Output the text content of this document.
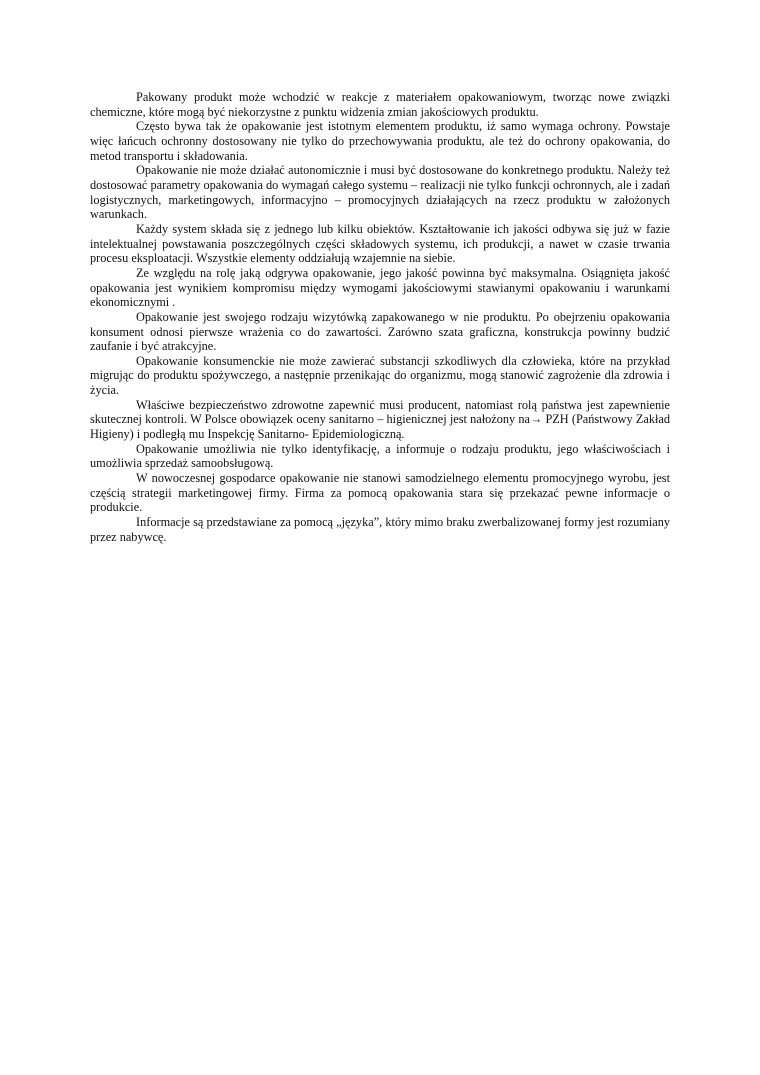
Pakowany produkt może wchodzić w reakcje z materiałem opakowaniowym, tworząc nowe związki chemiczne, które mogą być niekorzystne z punktu widzenia zmian jakościowych produktu.

Często bywa tak że opakowanie jest istotnym elementem produktu, iż samo wymaga ochrony. Powstaje więc łańcuch ochronny dostosowany nie tylko do przechowywania produktu, ale też do ochrony opakowania, do metod transportu i składowania.

Opakowanie nie może działać autonomicznie i musi być dostosowane do konkretnego produktu. Należy też dostosować parametry opakowania do wymagań całego systemu – realizacji nie tylko funkcji ochronnych, ale i zadań logistycznych, marketingowych, informacyjno – promocyjnych działających na rzecz produktu w założonych warunkach.

Każdy system składa się z jednego lub kilku obiektów. Kształtowanie ich jakości odbywa się już w fazie intelektualnej powstawania poszczególnych części składowych systemu, ich produkcji, a nawet w czasie trwania procesu eksploatacji. Wszystkie elementy oddziałują wzajemnie na siebie.

Ze względu na rolę jaką odgrywa opakowanie, jego jakość powinna być maksymalna. Osiągnięta jakość opakowania jest wynikiem kompromisu między wymogami jakościowymi stawianymi opakowaniu i warunkami ekonomicznymi .

Opakowanie jest swojego rodzaju wizytówką zapakowanego w nie produktu. Po obejrzeniu opakowania konsument odnosi pierwsze wrażenia co do zawartości. Zarówno szata graficzna, konstrukcja powinny budzić zaufanie i być atrakcyjne.

Opakowanie konsumenckie nie może zawierać substancji szkodliwych dla człowieka, które na przykład migrując do produktu spożywczego, a następnie przenikając do organizmu, mogą stanowić zagrożenie dla zdrowia i życia.

Właściwe bezpieczeństwo zdrowotne zapewnić musi producent, natomiast rolą państwa jest zapewnienie skutecznej kontroli. W Polsce obowiązek oceny sanitarno – higienicznej jest nałożony na→ PZH (Państwowy Zakład Higieny) i podległą mu Inspekcję Sanitarno- Epidemiologiczną.

Opakowanie umożliwia nie tylko identyfikację, a informuje o rodzaju produktu, jego właściwościach i umożliwia sprzedaż samoobsługową.

W nowoczesnej gospodarce opakowanie nie stanowi samodzielnego elementu promocyjnego wyrobu, jest częścią strategii marketingowej firmy. Firma za pomocą opakowania stara się przekazać pewne informacje o produkcie.

Informacje są przedstawiane za pomocą „języka”, który mimo braku zwerbalizowanej formy jest rozumiany przez nabywcę.
